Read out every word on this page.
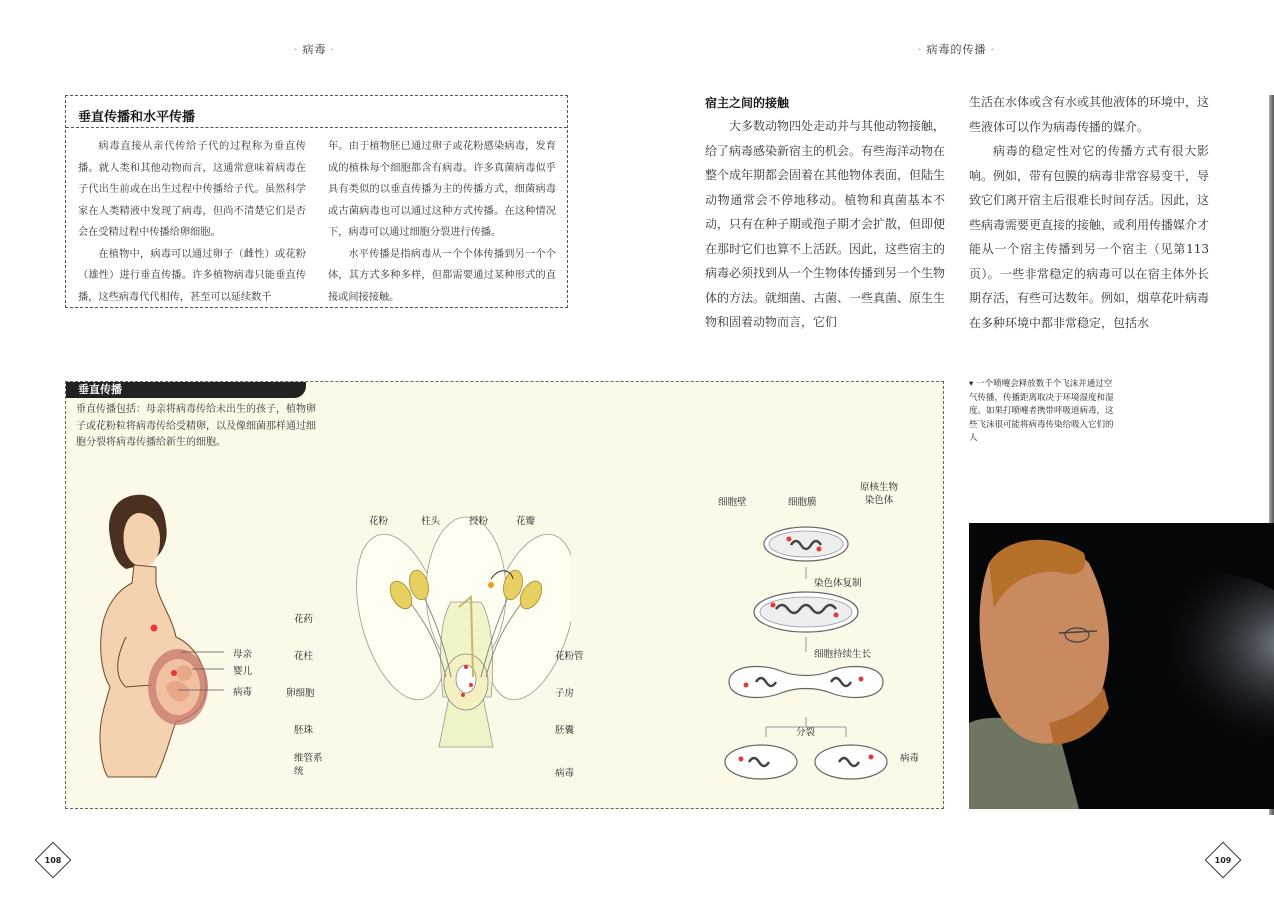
· 病毒 ·	· 病毒的传播 ·
垂直传播和水平传播

病毒直接从亲代传给子代的过程称为垂直传播。就人类和其他动物而言，这通常意味着病毒在子代出生前或在出生过程中传播给子代。虽然科学家在人类精液中发现了病毒，但尚不清楚它们是否会在受精过程中传播给卵细胞。

在植物中，病毒可以通过卵子（雌性）或花粉（雄性）进行垂直传播。许多植物病毒只能垂直传播，这些病毒代代相传，甚至可以延续数千

年。由于植物胚已通过卵子或花粉感染病毒，发育成的植株每个细胞都含有病毒。许多真菌病毒似乎具有类似的以垂直传播为主的传播方式，细菌病毒或古菌病毒也可以通过这种方式传播。在这种情况下，病毒可以通过细胞分裂进行传播。

水平传播是指病毒从一个个体传播到另一个个体，其方式多种多样，但都需要通过某种形式的直接或间接接触。

宿主之间的接触

大多数动物四处走动并与其他动物接触，给了病毒感染新宿主的机会。有些海洋动物在整个成年期都会固着在其他物体表面，但陆生动物通常会不停地移动。植物和真菌基本不动，只有在种子期或孢子期才会扩散，但即便在那时它们也算不上活跃。因此，这些宿主的病毒必须找到从一个生物体传播到另一个生物体的方法。就细菌、古菌、一些真菌、原生生物和固着动物而言，它们

生活在水体或含有水或其他液体的环境中，这些液体可以作为病毒传播的媒介。

病毒的稳定性对它的传播方式有很大影响。例如，带有包膜的病毒非常容易变干，导致它们离开宿主后很难长时间存活。因此，这些病毒需要更直接的接触，或利用传播媒介才能从一个宿主传播到另一个宿主（见第113页）。一些非常稳定的病毒可以在宿主体外长期存活，有些可达数年。例如，烟草花叶病毒在多种环境中都非常稳定，包括水

垂直传播
垂直传播包括：母亲将病毒传给未出生的孩子，植物卵子或花粉粒将病毒传给受精卵，以及像细菌那样通过细胞分裂将病毒传播给新生的细胞。
母亲
婴儿
病毒
花粉	柱头	授粉	花瓣
花药
花柱
卵细胞
胚珠
维管系统
花粉管
子房
胚囊
病毒
细胞壁	细胞膜
原核生物染色体
染色体复制
细胞持续生长
分裂
病毒
▾ 一个喷嚏会释放数千个飞沫并通过空气传播，传播距离取决于环境湿度和湿度。如果打喷嚏者携带呼吸道病毒，这些飞沫很可能将病毒传染给吸入它们的人
108	109
